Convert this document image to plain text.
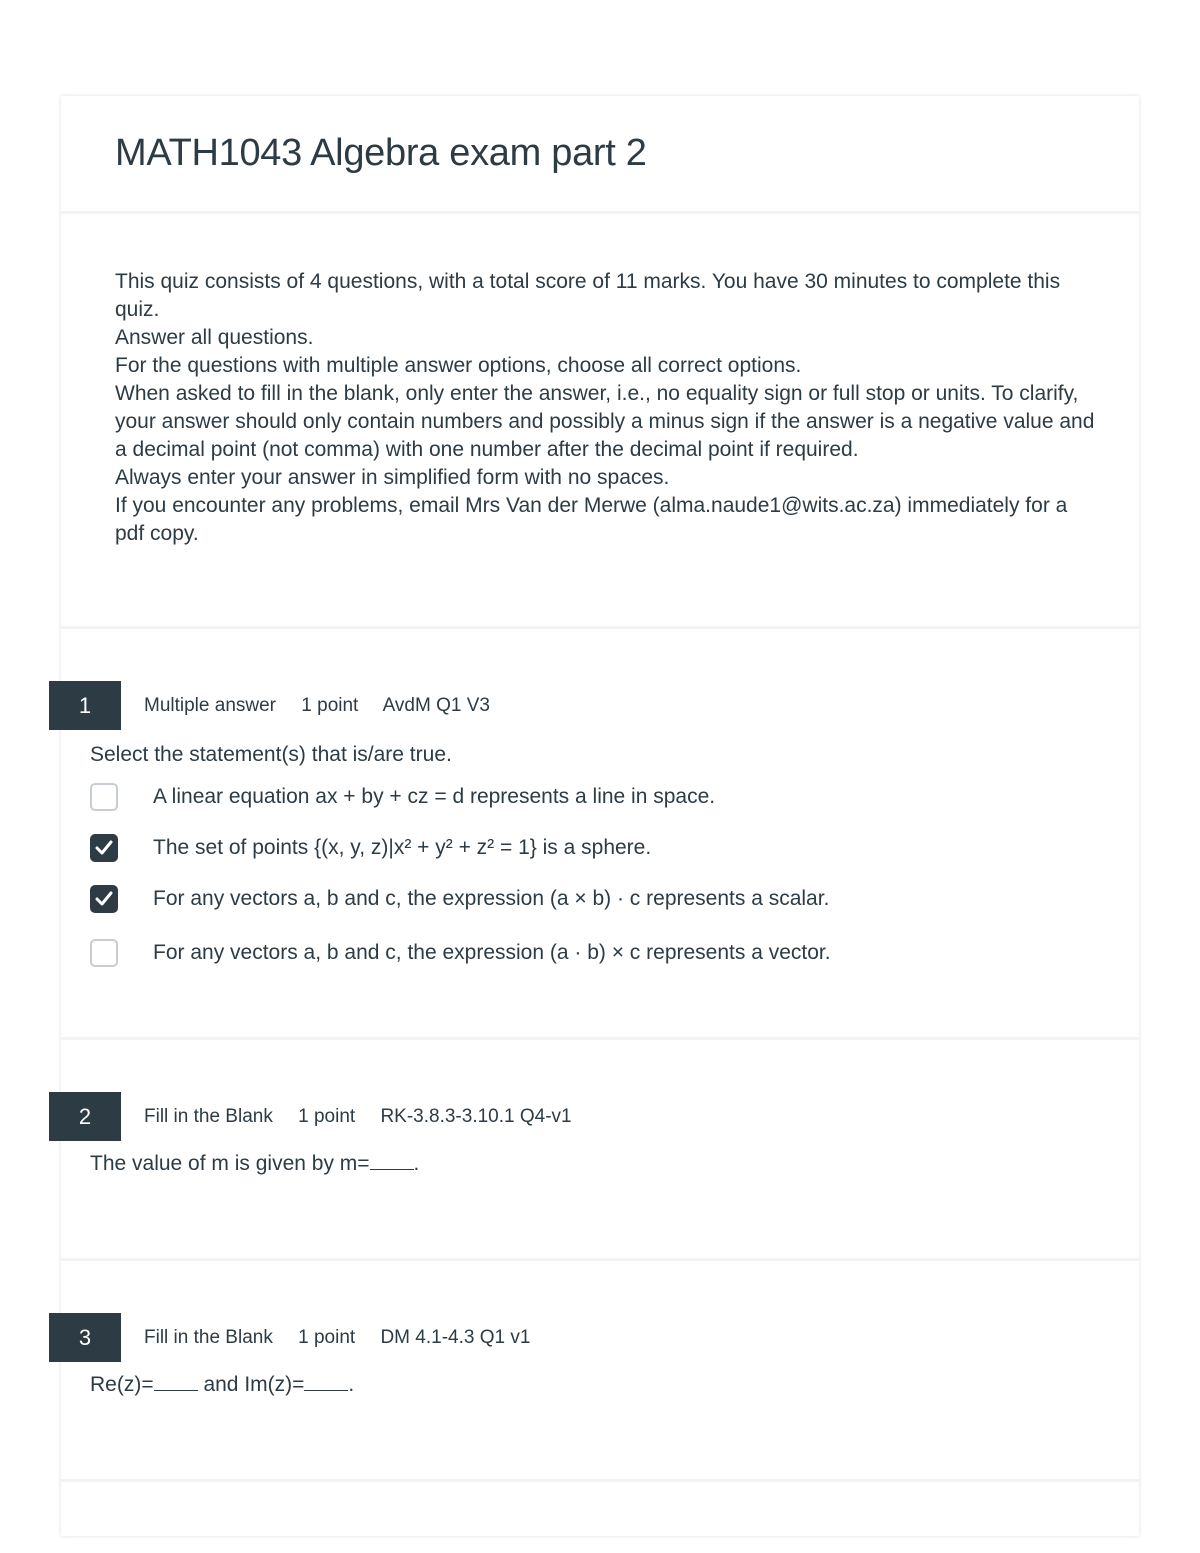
MATH1043 Algebra exam part 2
This quiz consists of 4 questions, with a total score of 11 marks. You have 30 minutes to complete this quiz.
Answer all questions.
For the questions with multiple answer options, choose all correct options.
When asked to fill in the blank, only enter the answer, i.e., no equality sign or full stop or units. To clarify, your answer should only contain numbers and possibly a minus sign if the answer is a negative value and a decimal point (not comma) with one number after the decimal point if required.
Always enter your answer in simplified form with no spaces.
If you encounter any problems, email Mrs Van der Merwe (alma.naude1@wits.ac.za) immediately for a pdf copy.
1	Multiple answer 1 point AvdM Q1 V3
Select the statement(s) that is/are true.
A linear equation ax + by + cz = d represents a line in space.
The set of points {(x, y, z)|x² + y² + z² = 1} is a sphere.
For any vectors a, b and c, the expression (a × b) · c represents a scalar.
For any vectors a, b and c, the expression (a · b) × c represents a vector.
2	Fill in the Blank 1 point RK-3.8.3-3.10.1 Q4-v1
The value of m is given by m= .
3	Fill in the Blank 1 point DM 4.1-4.3 Q1 v1
Re(z)= and Im(z)= .
